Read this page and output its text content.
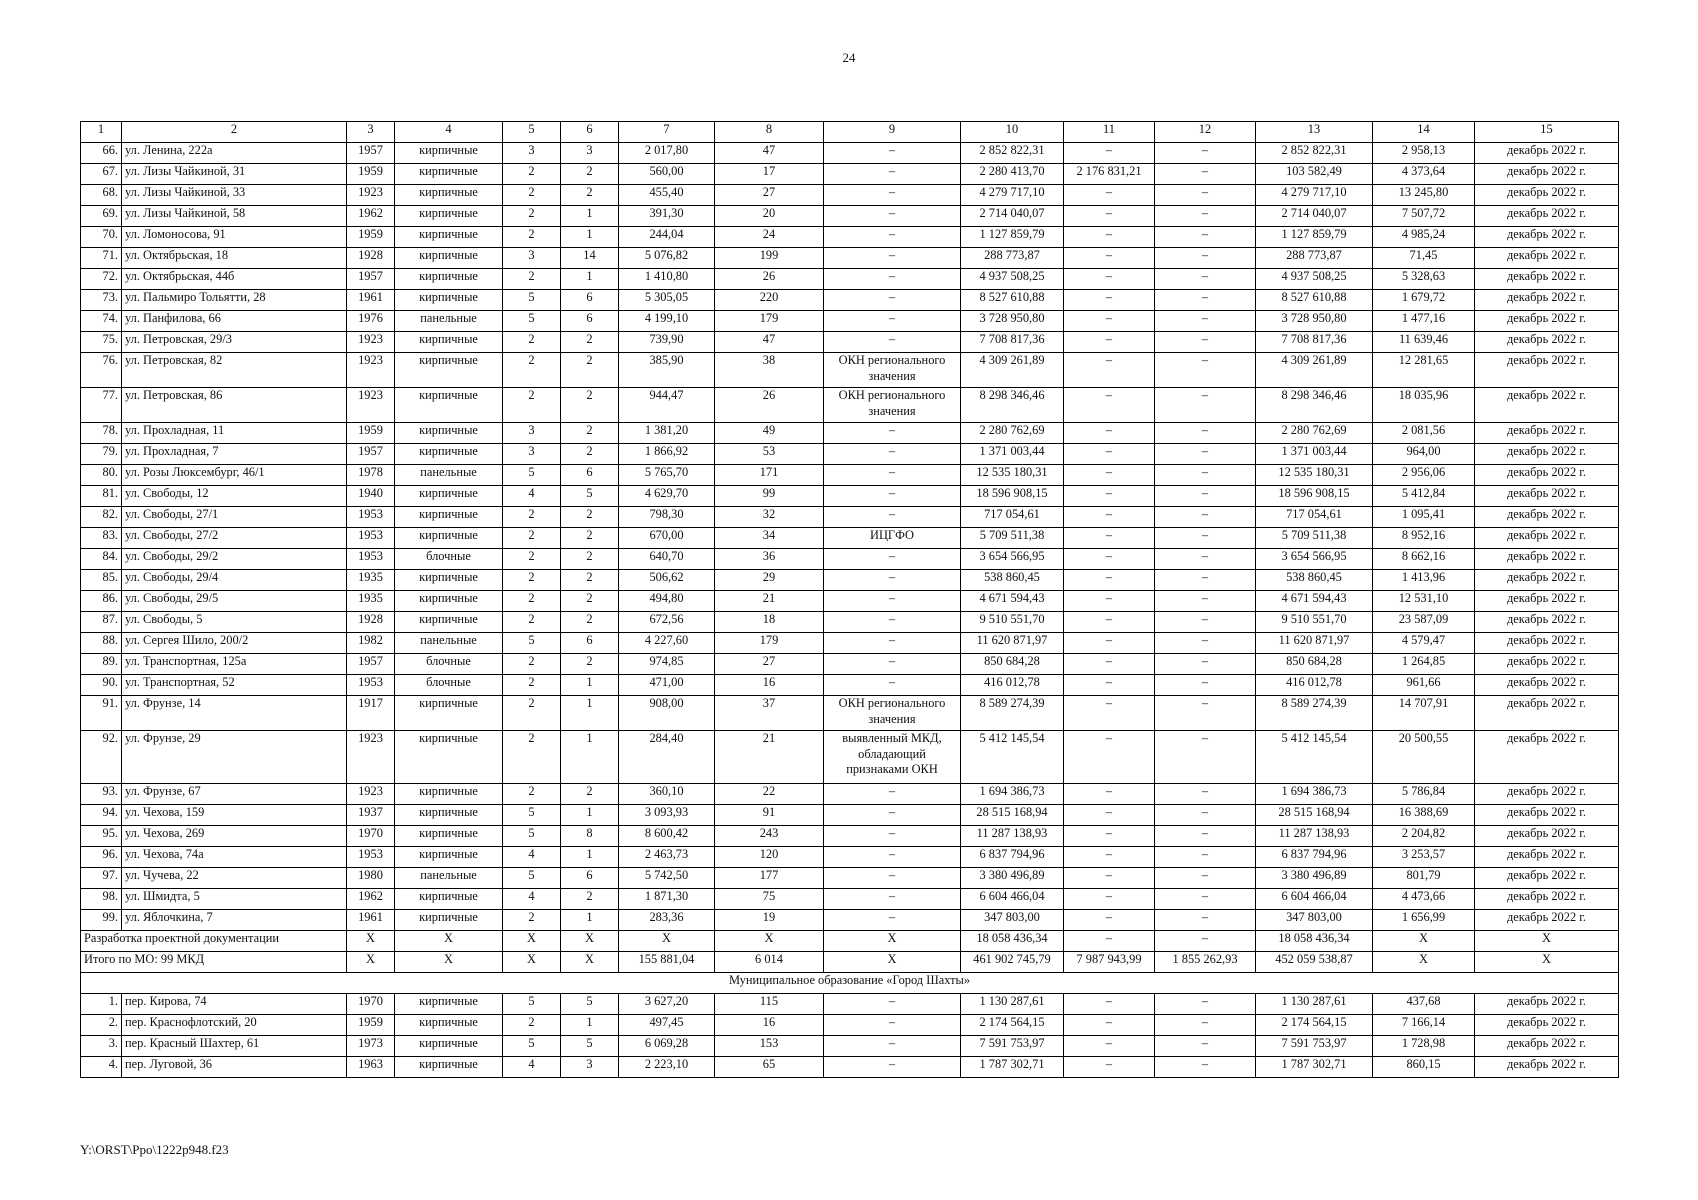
24
1	2	3	4	5	6	7	8	9	10	11	12	13	14	15
66.	ул. Ленина, 222а	1957	кирпичные	3	3	2 017,80	47	–	2 852 822,31	–	–	2 852 822,31	2 958,13	декабрь 2022 г.
67.	ул. Лизы Чайкиной, 31	1959	кирпичные	2	2	560,00	17	–	2 280 413,70	2 176 831,21	–	103 582,49	4 373,64	декабрь 2022 г.
68.	ул. Лизы Чайкиной, 33	1923	кирпичные	2	2	455,40	27	–	4 279 717,10	–	–	4 279 717,10	13 245,80	декабрь 2022 г.
69.	ул. Лизы Чайкиной, 58	1962	кирпичные	2	1	391,30	20	–	2 714 040,07	–	–	2 714 040,07	7 507,72	декабрь 2022 г.
70.	ул. Ломоносова, 91	1959	кирпичные	2	1	244,04	24	–	1 127 859,79	–	–	1 127 859,79	4 985,24	декабрь 2022 г.
71.	ул. Октябрьская, 18	1928	кирпичные	3	14	5 076,82	199	–	288 773,87	–	–	288 773,87	71,45	декабрь 2022 г.
72.	ул. Октябрьская, 44б	1957	кирпичные	2	1	1 410,80	26	–	4 937 508,25	–	–	4 937 508,25	5 328,63	декабрь 2022 г.
73.	ул. Пальмиро Тольятти, 28	1961	кирпичные	5	6	5 305,05	220	–	8 527 610,88	–	–	8 527 610,88	1 679,72	декабрь 2022 г.
74.	ул. Панфилова, 66	1976	панельные	5	6	4 199,10	179	–	3 728 950,80	–	–	3 728 950,80	1 477,16	декабрь 2022 г.
75.	ул. Петровская, 29/3	1923	кирпичные	2	2	739,90	47	–	7 708 817,36	–	–	7 708 817,36	11 639,46	декабрь 2022 г.
76.	ул. Петровская, 82	1923	кирпичные	2	2	385,90	38	ОКН регионального значения	4 309 261,89	–	–	4 309 261,89	12 281,65	декабрь 2022 г.
77.	ул. Петровская, 86	1923	кирпичные	2	2	944,47	26	ОКН регионального значения	8 298 346,46	–	–	8 298 346,46	18 035,96	декабрь 2022 г.
78.	ул. Прохладная, 11	1959	кирпичные	3	2	1 381,20	49	–	2 280 762,69	–	–	2 280 762,69	2 081,56	декабрь 2022 г.
79.	ул. Прохладная, 7	1957	кирпичные	3	2	1 866,92	53	–	1 371 003,44	–	–	1 371 003,44	964,00	декабрь 2022 г.
80.	ул. Розы Люксембург, 46/1	1978	панельные	5	6	5 765,70	171	–	12 535 180,31	–	–	12 535 180,31	2 956,06	декабрь 2022 г.
81.	ул. Свободы, 12	1940	кирпичные	4	5	4 629,70	99	–	18 596 908,15	–	–	18 596 908,15	5 412,84	декабрь 2022 г.
82.	ул. Свободы, 27/1	1953	кирпичные	2	2	798,30	32	–	717 054,61	–	–	717 054,61	1 095,41	декабрь 2022 г.
83.	ул. Свободы, 27/2	1953	кирпичные	2	2	670,00	34	ИЦГФО	5 709 511,38	–	–	5 709 511,38	8 952,16	декабрь 2022 г.
84.	ул. Свободы, 29/2	1953	блочные	2	2	640,70	36	–	3 654 566,95	–	–	3 654 566,95	8 662,16	декабрь 2022 г.
85.	ул. Свободы, 29/4	1935	кирпичные	2	2	506,62	29	–	538 860,45	–	–	538 860,45	1 413,96	декабрь 2022 г.
86.	ул. Свободы, 29/5	1935	кирпичные	2	2	494,80	21	–	4 671 594,43	–	–	4 671 594,43	12 531,10	декабрь 2022 г.
87.	ул. Свободы, 5	1928	кирпичные	2	2	672,56	18	–	9 510 551,70	–	–	9 510 551,70	23 587,09	декабрь 2022 г.
88.	ул. Сергея Шило, 200/2	1982	панельные	5	6	4 227,60	179	–	11 620 871,97	–	–	11 620 871,97	4 579,47	декабрь 2022 г.
89.	ул. Транспортная, 125а	1957	блочные	2	2	974,85	27	–	850 684,28	–	–	850 684,28	1 264,85	декабрь 2022 г.
90.	ул. Транспортная, 52	1953	блочные	2	1	471,00	16	–	416 012,78	–	–	416 012,78	961,66	декабрь 2022 г.
91.	ул. Фрунзе, 14	1917	кирпичные	2	1	908,00	37	ОКН регионального значения	8 589 274,39	–	–	8 589 274,39	14 707,91	декабрь 2022 г.
92.	ул. Фрунзе, 29	1923	кирпичные	2	1	284,40	21	выявленный МКД, обладающий признаками ОКН	5 412 145,54	–	–	5 412 145,54	20 500,55	декабрь 2022 г.
93.	ул. Фрунзе, 67	1923	кирпичные	2	2	360,10	22	–	1 694 386,73	–	–	1 694 386,73	5 786,84	декабрь 2022 г.
94.	ул. Чехова, 159	1937	кирпичные	5	1	3 093,93	91	–	28 515 168,94	–	–	28 515 168,94	16 388,69	декабрь 2022 г.
95.	ул. Чехова, 269	1970	кирпичные	5	8	8 600,42	243	–	11 287 138,93	–	–	11 287 138,93	2 204,82	декабрь 2022 г.
96.	ул. Чехова, 74а	1953	кирпичные	4	1	2 463,73	120	–	6 837 794,96	–	–	6 837 794,96	3 253,57	декабрь 2022 г.
97.	ул. Чучева, 22	1980	панельные	5	6	5 742,50	177	–	3 380 496,89	–	–	3 380 496,89	801,79	декабрь 2022 г.
98.	ул. Шмидта, 5	1962	кирпичные	4	2	1 871,30	75	–	6 604 466,04	–	–	6 604 466,04	4 473,66	декабрь 2022 г.
99.	ул. Яблочкина, 7	1961	кирпичные	2	1	283,36	19	–	347 803,00	–	–	347 803,00	1 656,99	декабрь 2022 г.
Разработка проектной документации		Х	Х	Х	Х	Х	Х	Х	18 058 436,34	–	–	18 058 436,34	Х	Х
Итого по МО: 99 МКД		Х	Х	Х	Х	155 881,04	6 014	Х	461 902 745,79	7 987 943,99	1 855 262,93	452 059 538,87	Х	Х
Муниципальное образование «Город Шахты»														
1.	пер. Кирова, 74	1970	кирпичные	5	5	3 627,20	115	–	1 130 287,61	–	–	1 130 287,61	437,68	декабрь 2022 г.
2.	пер. Краснофлотский, 20	1959	кирпичные	2	1	497,45	16	–	2 174 564,15	–	–	2 174 564,15	7 166,14	декабрь 2022 г.
3.	пер. Красный Шахтер, 61	1973	кирпичные	5	5	6 069,28	153	–	7 591 753,97	–	–	7 591 753,97	1 728,98	декабрь 2022 г.
4.	пер. Луговой, 36	1963	кирпичные	4	3	2 223,10	65	–	1 787 302,71	–	–	1 787 302,71	860,15	декабрь 2022 г.
Y:\ORST\Ppo\1222p948.f23
